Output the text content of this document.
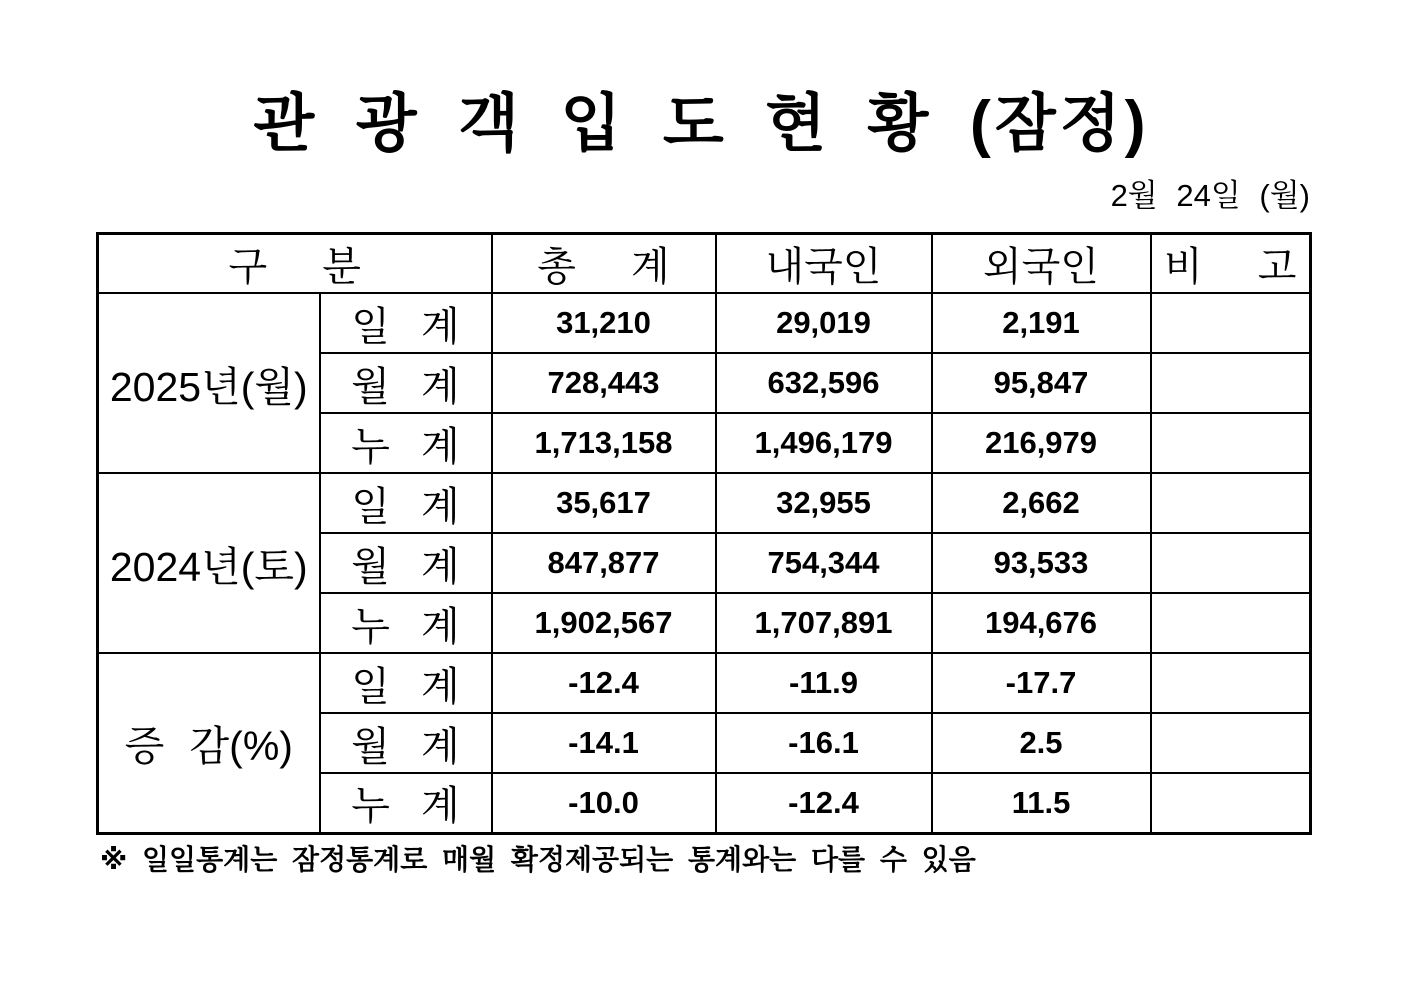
관 광 객 입 도 현 황 (잠정)
2월 24일 (월)
구 분		총 계	내국인	외국인	비 고
2025년(월)	일 계	31,210	29,019	2,191	
	월 계	728,443	632,596	95,847	
	누 계	1,713,158	1,496,179	216,979	
2024년(토)	일 계	35,617	32,955	2,662	
	월 계	847,877	754,344	93,533	
	누 계	1,902,567	1,707,891	194,676	
증 감(%)	일 계	-12.4	-11.9	-17.7	
	월 계	-14.1	-16.1	2.5	
	누 계	-10.0	-12.4	11.5	
※ 일일통계는 잠정통계로 매월 확정제공되는 통계와는 다를 수 있음
